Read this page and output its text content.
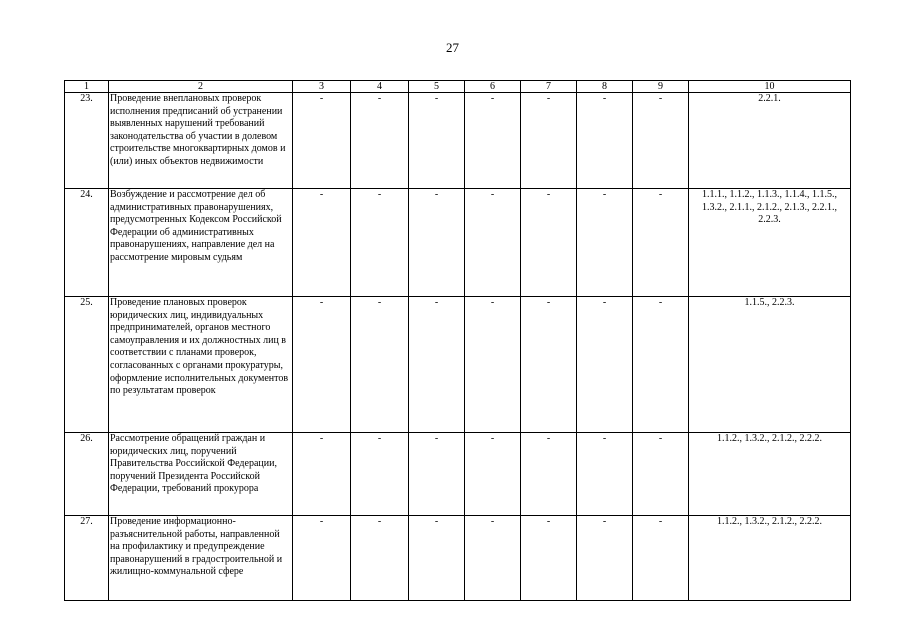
27
1	2	3	4	5	6	7	8	9	10
23.	Проведение внеплановых проверок исполнения предписаний об устранении выявленных нарушений требований законодательства об участии в долевом строительстве многоквартирных домов и (или) иных объектов недвижимости	-	-	-	-	-	-	-	2.2.1.
24.	Возбуждение и рассмотрение дел об административных правонарушениях, предусмотренных Кодексом Российской Федерации об административных правонарушениях, направление дел на рассмотрение мировым судьям	-	-	-	-	-	-	-	1.1.1., 1.1.2., 1.1.3., 1.1.4., 1.1.5., 1.3.2., 2.1.1., 2.1.2., 2.1.3., 2.2.1., 2.2.3.
25.	Проведение плановых проверок юридических лиц, индивидуальных предпринимателей, органов местного самоуправления и их должностных лиц в соответствии с планами проверок, согласованных с органами прокуратуры, оформление исполнительных документов по результатам проверок	-	-	-	-	-	-	-	1.1.5., 2.2.3.
26.	Рассмотрение обращений граждан и юридических лиц, поручений Правительства Российской Федерации, поручений Президента Российской Федерации, требований прокурора	-	-	-	-	-	-	-	1.1.2., 1.3.2., 2.1.2., 2.2.2.
27.	Проведение информационно-разъяснительной работы, направленной на профилактику и предупреждение правонарушений в градостроительной и жилищно-коммунальной сфере	-	-	-	-	-	-	-	1.1.2., 1.3.2., 2.1.2., 2.2.2.
